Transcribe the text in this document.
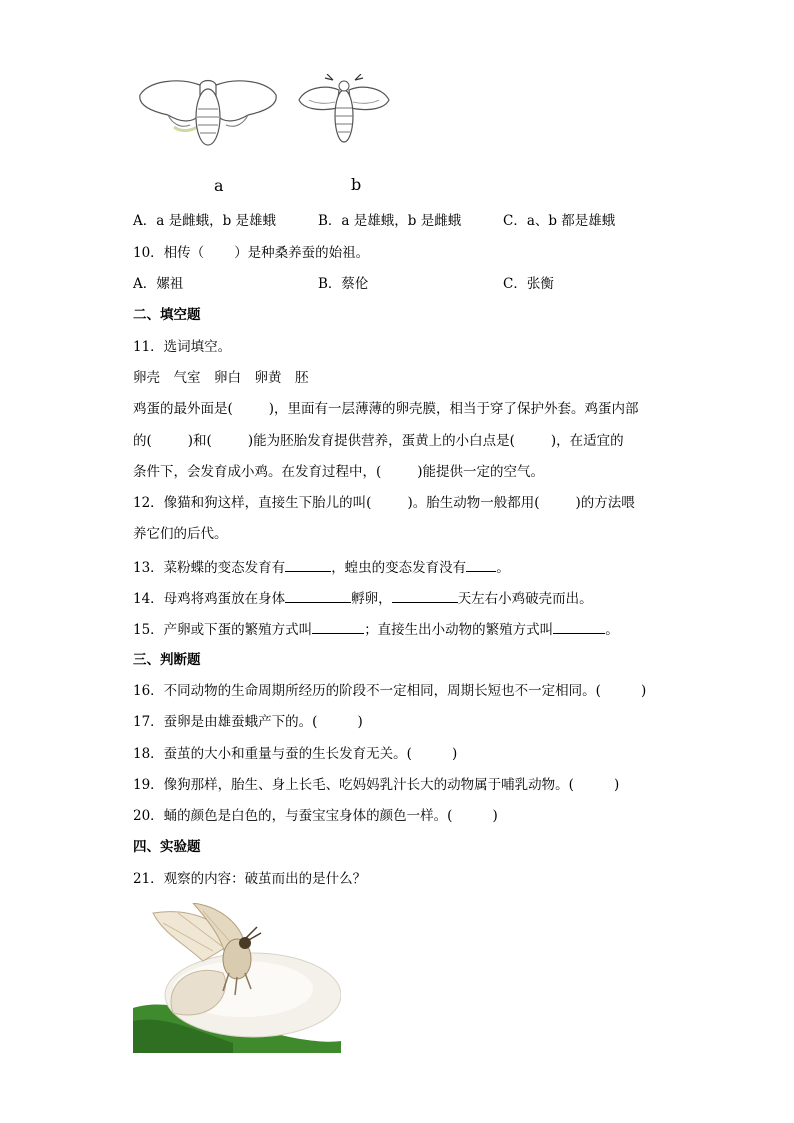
a	b
A．a 是雌蛾，b 是雄蛾	B．a 是雄蛾，b 是雌蛾	C．a、b 都是雄蛾
10．相传（ ）是种桑养蚕的始祖。
A．嫘祖	B．蔡伦	C．张衡
二、填空题
11．选词填空。
卵壳　气室　卵白　卵黄　胚
鸡蛋的最外面是(	)，里面有一层薄薄的卵壳膜，相当于穿了保护外套。鸡蛋内部
的(	)和(	)能为胚胎发育提供营养，蛋黄上的小白点是(	)，在适宜的
条件下，会发育成小鸡。在发育过程中，(	)能提供一定的空气。
12．像猫和狗这样，直接生下胎儿的叫(	)。胎生动物一般都用(	)的方法喂
养它们的后代。
13．菜粉蝶的变态发育有	，蝗虫的变态发育没有 。
14．母鸡将鸡蛋放在身体	孵卵，	天左右小鸡破壳而出。
15．产卵或下蛋的繁殖方式叫	；直接生出小动物的繁殖方式叫	。
三、判断题
16．不同动物的生命周期所经历的阶段不一定相同，周期长短也不一定相同。(	)
17．蚕卵是由雄蚕蛾产下的。(	)
18．蚕茧的大小和重量与蚕的生长发育无关。(	)
19．像狗那样，胎生、身上长毛、吃妈妈乳汁长大的动物属于哺乳动物。(	)
20．蛹的颜色是白色的，与蚕宝宝身体的颜色一样。(	)
四、实验题
21．观察的内容：破茧而出的是什么？
